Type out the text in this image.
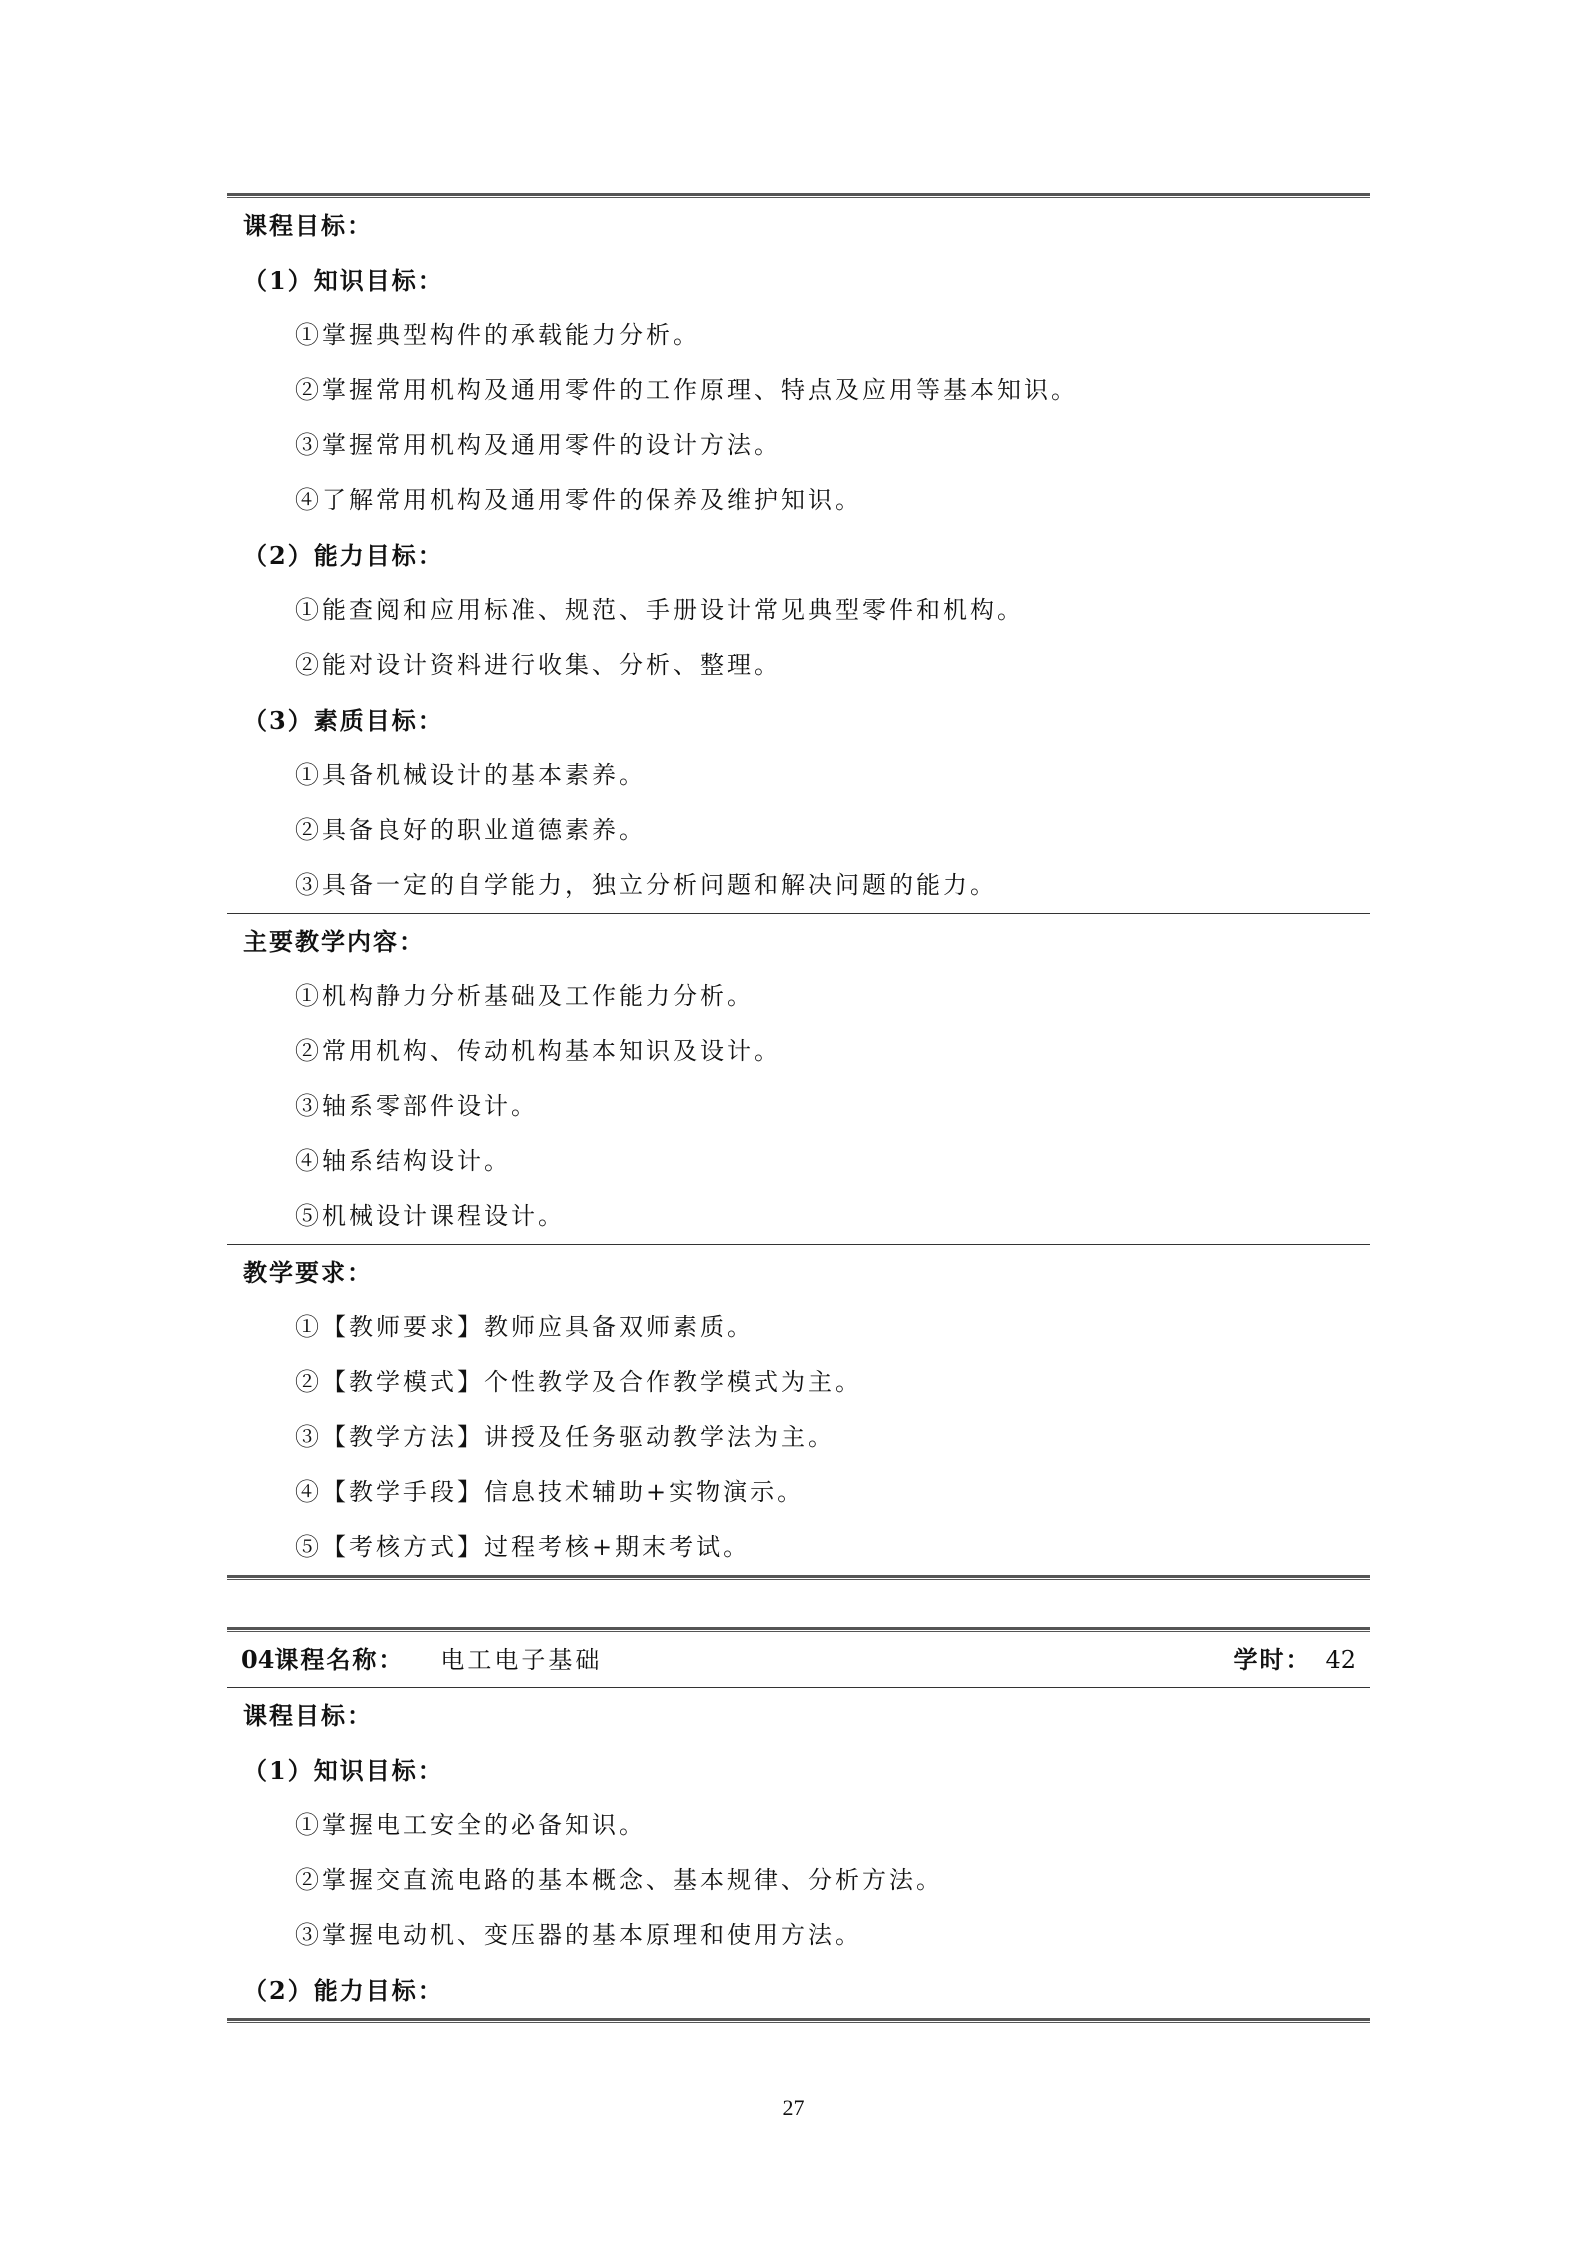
课程目标：
（1）知识目标：
①掌握典型构件的承载能力分析。
②掌握常用机构及通用零件的工作原理、特点及应用等基本知识。
③掌握常用机构及通用零件的设计方法。
④了解常用机构及通用零件的保养及维护知识。
（2）能力目标：
①能查阅和应用标准、规范、手册设计常见典型零件和机构。
②能对设计资料进行收集、分析、整理。
（3）素质目标：
①具备机械设计的基本素养。
②具备良好的职业道德素养。
③具备一定的自学能力，独立分析问题和解决问题的能力。
主要教学内容：
①机构静力分析基础及工作能力分析。
②常用机构、传动机构基本知识及设计。
③轴系零部件设计。
④轴系结构设计。
⑤机械设计课程设计。
教学要求：
①【教师要求】教师应具备双师素质。
②【教学模式】个性教学及合作教学模式为主。
③【教学方法】讲授及任务驱动教学法为主。
④【教学手段】信息技术辅助+实物演示。
⑤【考核方式】过程考核+期末考试。
04课程名称： 电工电子基础	学时： 42
课程目标：
（1）知识目标：
①掌握电工安全的必备知识。
②掌握交直流电路的基本概念、基本规律、分析方法。
③掌握电动机、变压器的基本原理和使用方法。
（2）能力目标：
27
